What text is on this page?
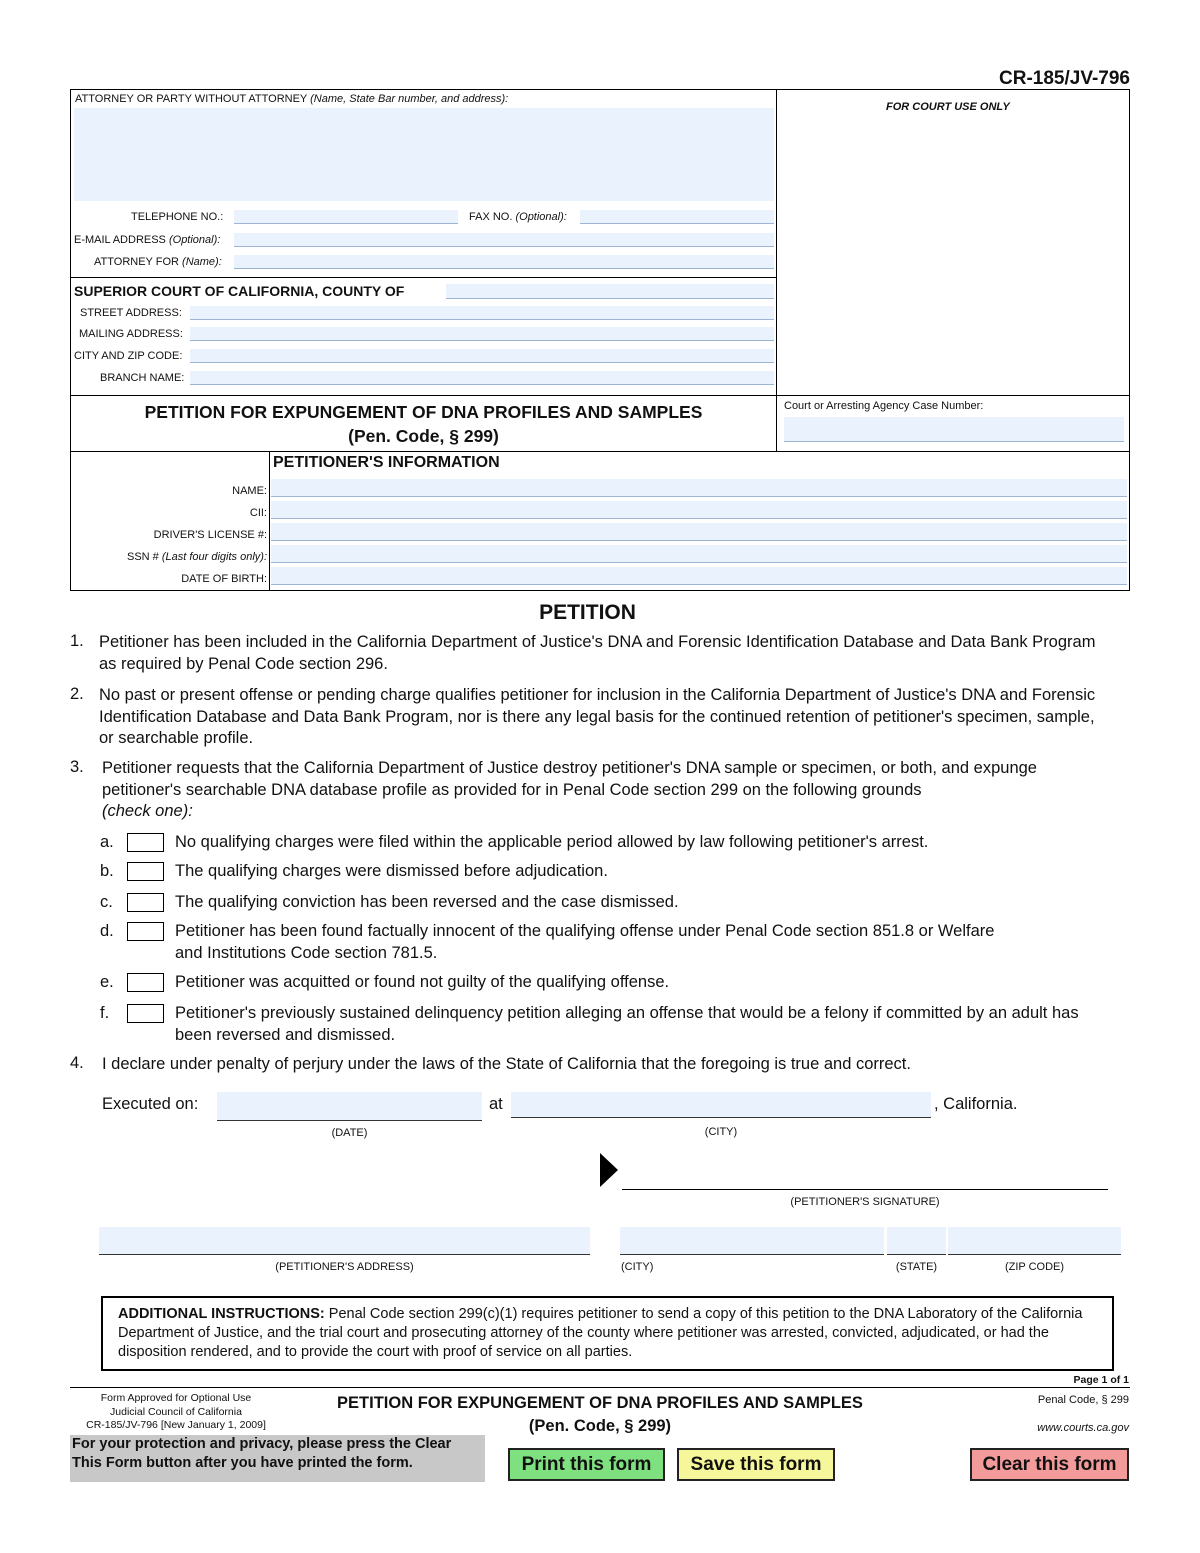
CR-185/JV-796
ATTORNEY OR PARTY WITHOUT ATTORNEY (Name, State Bar number, and address):
FOR COURT USE ONLY
TELEPHONE NO.:	FAX NO. (Optional):
E-MAIL ADDRESS (Optional):
ATTORNEY FOR (Name):
SUPERIOR COURT OF CALIFORNIA, COUNTY OF
STREET ADDRESS:
MAILING ADDRESS:
CITY AND ZIP CODE:
BRANCH NAME:
PETITION FOR EXPUNGEMENT OF DNA PROFILES AND SAMPLES
(Pen. Code, § 299)
Court or Arresting Agency Case Number:
PETITIONER'S INFORMATION
NAME:
CII:
DRIVER'S LICENSE #:
SSN # (Last four digits only):
DATE OF BIRTH:
PETITION
1. Petitioner has been included in the California Department of Justice's DNA and Forensic Identification Database and Data Bank Program as required by Penal Code section 296.
2. No past or present offense or pending charge qualifies petitioner for inclusion in the California Department of Justice's DNA and Forensic Identification Database and Data Bank Program, nor is there any legal basis for the continued retention of petitioner's specimen, sample, or searchable profile.
3. Petitioner requests that the California Department of Justice destroy petitioner's DNA sample or specimen, or both, and expunge petitioner's searchable DNA database profile as provided for in Penal Code section 299 on the following grounds
(check one):
a.	No qualifying charges were filed within the applicable period allowed by law following petitioner's arrest.
b.	The qualifying charges were dismissed before adjudication.
c.	The qualifying conviction has been reversed and the case dismissed.
d.	Petitioner has been found factually innocent of the qualifying offense under Penal Code section 851.8 or Welfare and Institutions Code section 781.5.
e.	Petitioner was acquitted or found not guilty of the qualifying offense.
f.	Petitioner's previously sustained delinquency petition alleging an offense that would be a felony if committed by an adult has been reversed and dismissed.
4. I declare under penalty of perjury under the laws of the State of California that the foregoing is true and correct.
Executed on:
(DATE)
at
(CITY)
, California.
(PETITIONER'S SIGNATURE)
(PETITIONER'S ADDRESS)	(CITY)	(STATE)	(ZIP CODE)
ADDITIONAL INSTRUCTIONS: Penal Code section 299(c)(1) requires petitioner to send a copy of this petition to the DNA Laboratory of the California Department of Justice, and the trial court and prosecuting attorney of the county where petitioner was arrested, convicted, adjudicated, or had the disposition rendered, and to provide the court with proof of service on all parties.
Page 1 of 1
Form Approved for Optional Use
Judicial Council of California
CR-185/JV-796 [New January 1, 2009]
PETITION FOR EXPUNGEMENT OF DNA PROFILES AND SAMPLES
(Pen. Code, § 299)
Penal Code, § 299
www.courts.ca.gov
For your protection and privacy, please press the Clear This Form button after you have printed the form.	Print this form	Save this form	Clear this form
